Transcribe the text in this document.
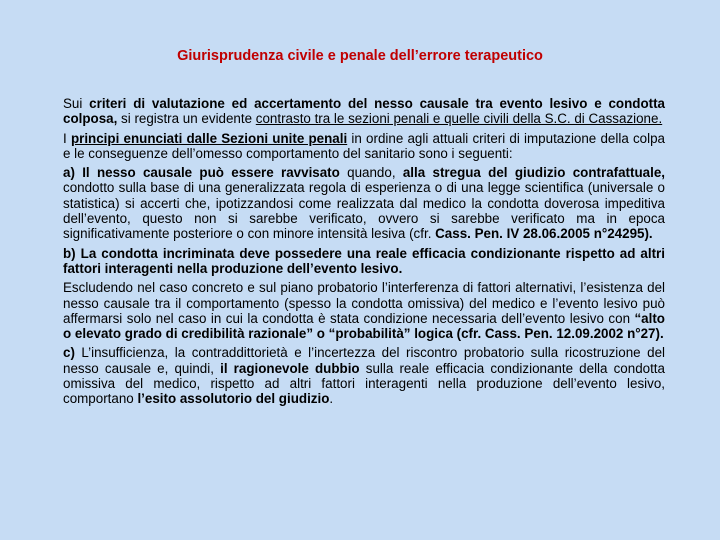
Giurisprudenza civile e penale dell’errore terapeutico

Sui criteri di valutazione ed accertamento del nesso causale tra evento lesivo e condotta colposa, si registra un evidente contrasto tra le sezioni penali e quelle civili della S.C. di Cassazione.

I principi enunciati dalle Sezioni unite penali in ordine agli attuali criteri di imputazione della colpa e le conseguenze dell’omesso comportamento del sanitario sono i seguenti:

a) Il nesso causale può essere ravvisato quando, alla stregua del giudizio contrafattuale, condotto sulla base di una generalizzata regola di esperienza o di una legge scientifica (universale o statistica) si accerti che, ipotizzandosi come realizzata dal medico la condotta doverosa impeditiva dell’evento, questo non si sarebbe verificato, ovvero si sarebbe verificato ma in epoca significativamente posteriore o con minore intensità lesiva (cfr. Cass. Pen. IV 28.06.2005 n°24295).

b) La condotta incriminata deve possedere una reale efficacia condizionante rispetto ad altri fattori interagenti nella produzione dell’evento lesivo.

Escludendo nel caso concreto e sul piano probatorio l’interferenza di fattori alternativi, l’esistenza del nesso causale tra il comportamento (spesso la condotta omissiva) del medico e l’evento lesivo può affermarsi solo nel caso in cui la condotta è stata condizione necessaria dell’evento lesivo con “alto o elevato grado di credibilità razionale” o “probabilità” logica (cfr. Cass. Pen. 12.09.2002 n°27).

c) L’insufficienza, la contraddittorietà e l’incertezza del riscontro probatorio sulla ricostruzione del nesso causale e, quindi, il ragionevole dubbio sulla reale efficacia condizionante della condotta omissiva del medico, rispetto ad altri fattori interagenti nella produzione dell’evento lesivo, comportano l’esito assolutorio del giudizio.
